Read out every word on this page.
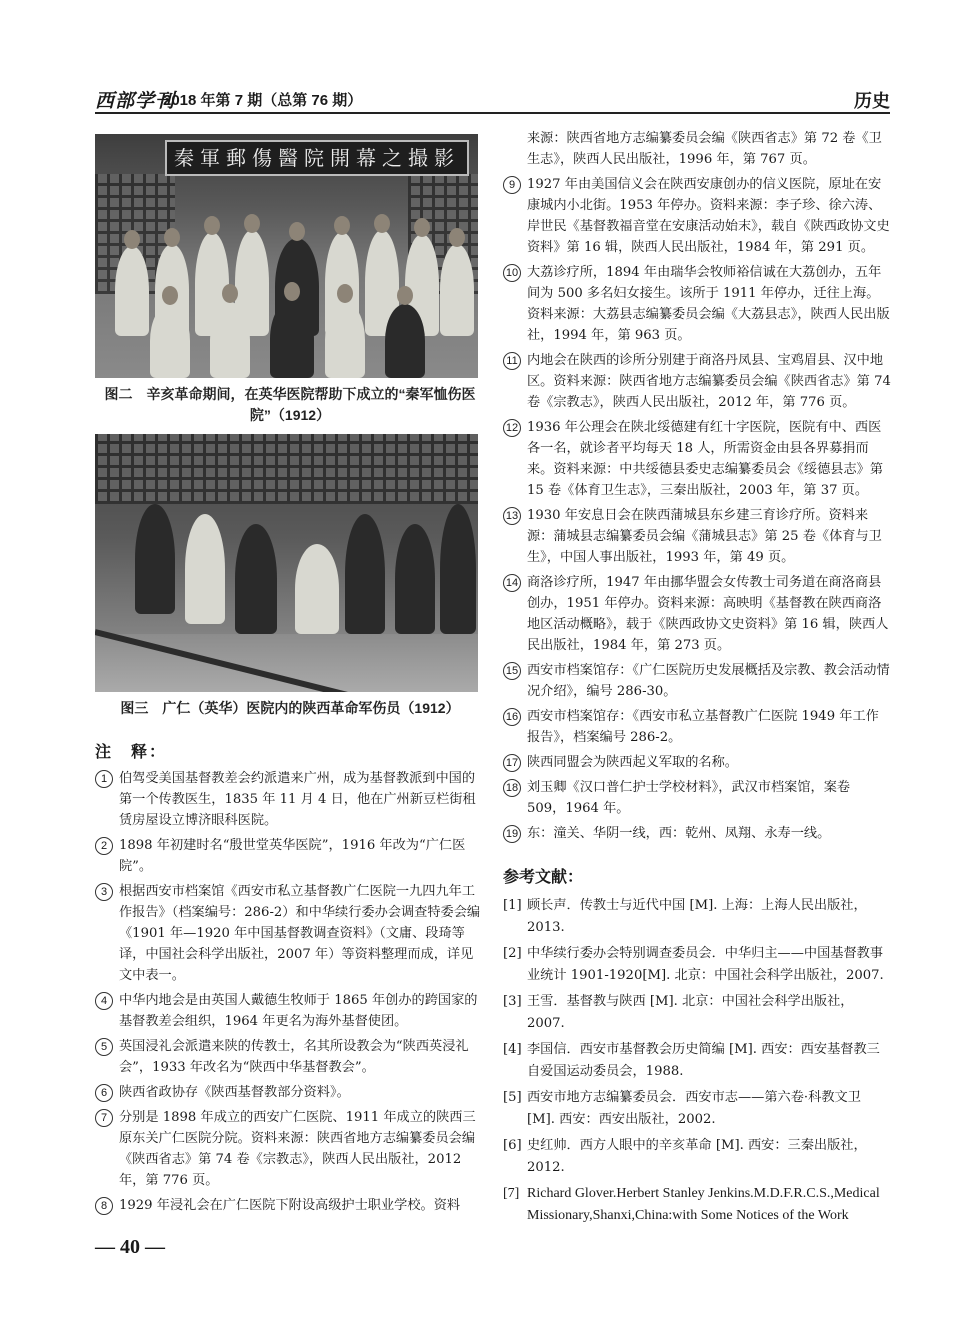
西部学刊
2018 年第 7 期（总第 76 期）	历史
秦軍郵傷醫院開幕之撮影
图二　辛亥革命期间，在英华医院帮助下成立的“秦军恤伤医院”（1912）
图三　广仁（英华）医院内的陕西革命军伤员（1912）
注　释：
1 伯驾受美国基督教差会约派遣来广州，成为基督教派到中国的第一个传教医生，1835 年 11 月 4 日，他在广州新豆栏街租赁房屋设立博济眼科医院。
2 1898 年初建时名“殷世堂英华医院”，1916 年改为“广仁医院”。
3 根据西安市档案馆《西安市私立基督教广仁医院一九四九年工作报告》（档案编号：286-2）和中华续行委办会调查特委会编《1901 年—1920 年中国基督教调查资料》（文庸、段琦等译，中国社会科学出版社，2007 年）等资料整理而成，详见文中表一。
4 中华内地会是由英国人戴德生牧师于 1865 年创办的跨国家的基督教差会组织，1964 年更名为海外基督使团。
5 英国浸礼会派遣来陕的传教士，名其所设教会为“陕西英浸礼会”，1933 年改名为“陕西中华基督教会”。
6 陕西省政协存《陕西基督教部分资料》。
7 分别是 1898 年成立的西安广仁医院、1911 年成立的陕西三原东关广仁医院分院。资料来源：陕西省地方志编纂委员会编《陕西省志》第 74 卷《宗教志》，陕西人民出版社，2012 年，第 776 页。
8 1929 年浸礼会在广仁医院下附设高级护士职业学校。资料
来源：陕西省地方志编纂委员会编《陕西省志》第 72 卷《卫生志》，陕西人民出版社，1996 年，第 767 页。
9 1927 年由美国信义会在陕西安康创办的信义医院，原址在安康城内小北街。1953 年停办。资料来源：李子珍、徐六涛、岸世民《基督教福音堂在安康活动始末》，载自《陕西政协文史资料》第 16 辑，陕西人民出版社，1984 年，第 291 页。
10 大荔诊疗所，1894 年由瑞华会牧师裕信诚在大荔创办，五年间为 500 多名妇女接生。该所于 1911 年停办，迁往上海。资料来源：大荔县志编纂委员会编《大荔县志》，陕西人民出版社，1994 年，第 963 页。
11 内地会在陕西的诊所分别建于商洛丹凤县、宝鸡眉县、汉中地区。资料来源：陕西省地方志编纂委员会编《陕西省志》第 74 卷《宗教志》，陕西人民出版社，2012 年，第 776 页。
12 1936 年公理会在陕北绥德建有红十字医院，医院有中、西医各一名，就诊者平均每天 18 人，所需资金由县各界募捐而来。资料来源：中共绥德县委史志编纂委员会《绥德县志》第 15 卷《体育卫生志》，三秦出版社，2003 年，第 37 页。
13 1930 年安息日会在陕西蒲城县东乡建三育诊疗所。资料来源：蒲城县志编纂委员会编《蒲城县志》第 25 卷《体育与卫生》，中国人事出版社，1993 年，第 49 页。
14 商洛诊疗所，1947 年由挪华盟会女传教士司务道在商洛商县创办，1951 年停办。资料来源：高映明《基督教在陕西商洛地区活动概略》，载于《陕西政协文史资料》第 16 辑，陕西人民出版社，1984 年，第 273 页。
15 西安市档案馆存：《广仁医院历史发展概括及宗教、教会活动情况介绍》，编号 286-30。
16 西安市档案馆存：《西安市私立基督教广仁医院 1949 年工作报告》，档案编号 286-2。
17 陕西同盟会为陕西起义军取的名称。
18 刘玉卿《汉口普仁护士学校材料》，武汉市档案馆，案卷 509，1964 年。
19 东：潼关、华阴一线，西：乾州、凤翔、永寿一线。
参考文献：
[1] 顾长声．传教士与近代中国 [M]. 上海：上海人民出版社，2013.
[2] 中华续行委办会特别调查委员会．中华归主——中国基督教事业统计 1901-1920[M]. 北京：中国社会科学出版社，2007.
[3] 王雪．基督教与陕西 [M]. 北京：中国社会科学出版社，2007.
[4] 李国信．西安市基督教会历史简编 [M]. 西安：西安基督教三自爱国运动委员会，1988.
[5] 西安市地方志编纂委员会．西安市志——第六卷·科教文卫 [M]. 西安：西安出版社，2002.
[6] 史红帅．西方人眼中的辛亥革命 [M]. 西安：三秦出版社，2012.
[7] Richard Glover.Herbert Stanley Jenkins.M.D.F.R.C.S.,Medical Missionary,Shanxi,China:with Some Notices of the Work
— 40 —
